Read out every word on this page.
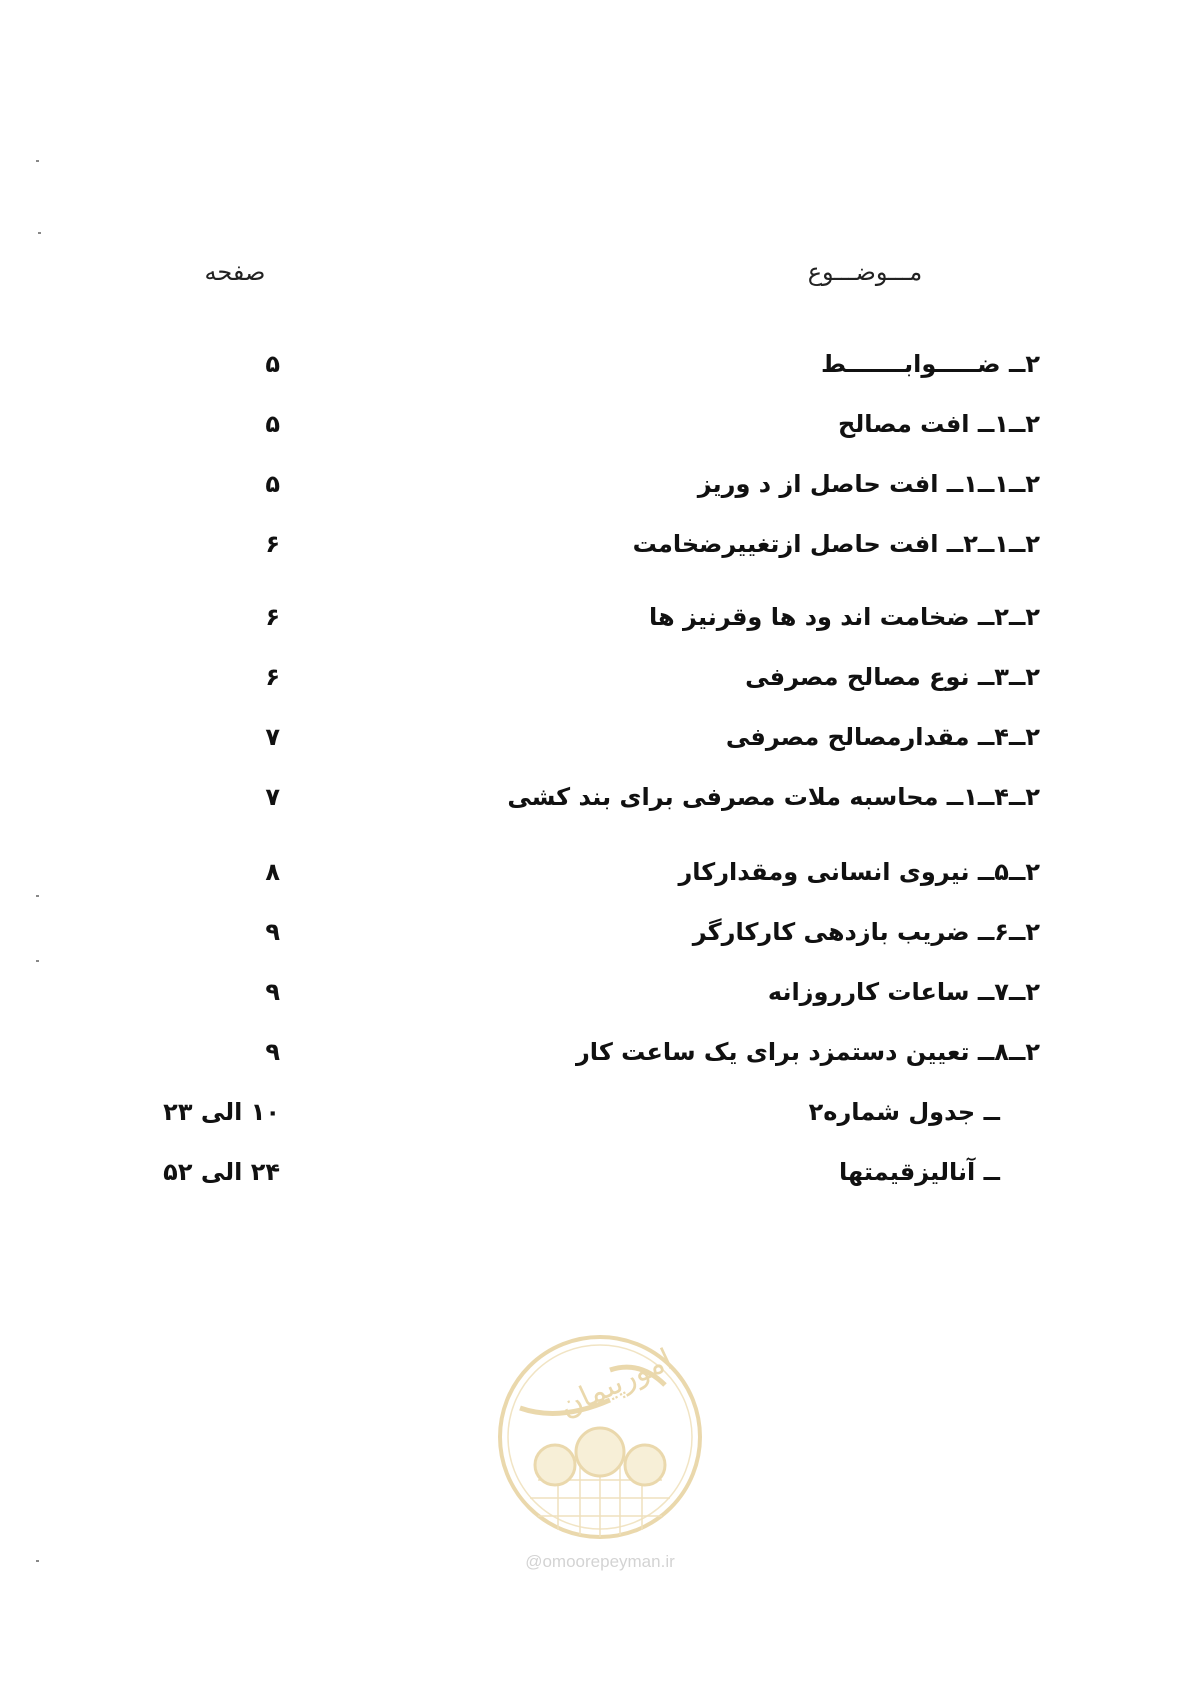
مـــوضـــوع
صفحه
۲ــ ضـــــوابـــــــط
۵
۲ــ۱ــ افت مصالح
۵
۲ــ۱ــ۱ــ افت حاصل از د وریز
۵
۲ــ۱ــ۲ــ افت حاصل ازتغییرضخامت
۶
۲ــ۲ــ ضخامت اند ود ها وقرنیز ها
۶
۲ــ۳ــ نوع مصالح مصرفی
۶
۲ــ۴ــ مقدارمصالح مصرفی
۷
۲ــ۴ــ۱ــ محاسبه ملات مصرفی برای بند کشی
۷
۲ــ۵ــ نیروی انسانی ومقدارکار
۸
۲ــ۶ــ ضریب بازدهی کارکارگر
۹
۲ــ۷ــ ساعات کارروزانه
۹
۲ــ۸ــ تعیین دستمزد برای یک ساعت کار
۹
ــ جدول شماره۲
۱۰ الی ۲۳
ــ آنالیزقیمتها
۲۴ الی ۵۲
امورپیمان
@omoorepeyman.ir
